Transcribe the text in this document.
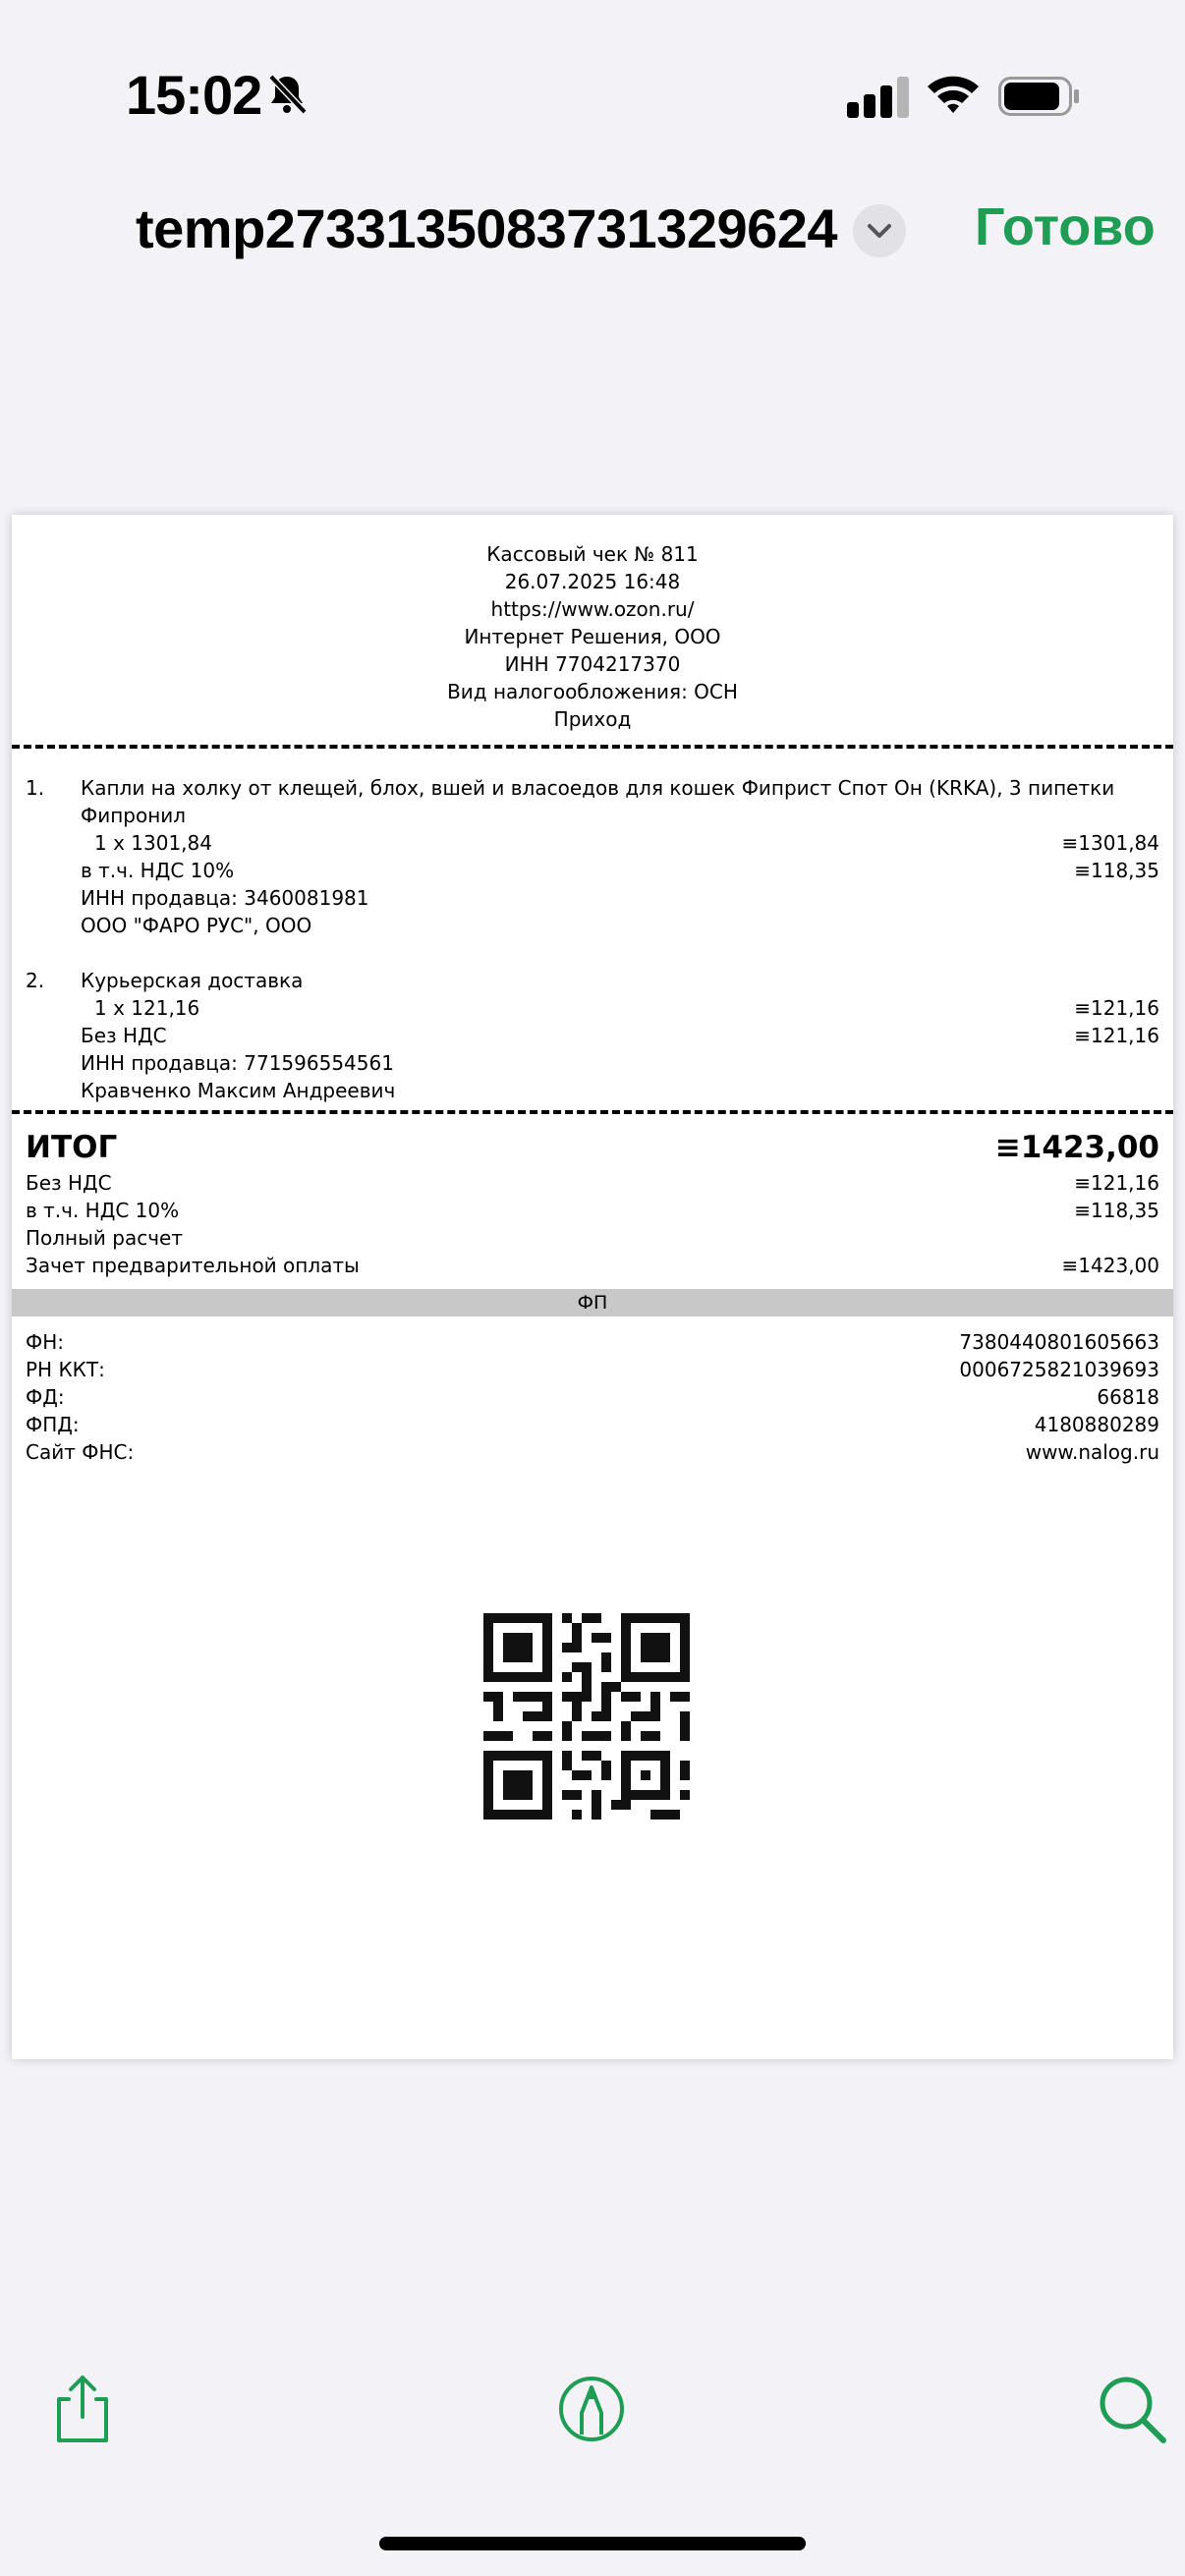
15:02
temp2733135083731329624	Готово
Кассовый чек № 811
26.07.2025 16:48
https://www.ozon.ru/
Интернет Решения, ООО
ИНН 7704217370
Вид налогообложения: ОСН
Приход
1.	Капли на холку от клещей, блох, вшей и власоедов для кошек Фиприст Спот Он (KRKA), 3 пипетки Фипронил
1 х 1301,84	≡1301,84
в т.ч. НДС 10%	≡118,35
ИНН продавца: 3460081981
ООО "ФАРО РУС", ООО
2.	Курьерская доставка
1 х 121,16	≡121,16
Без НДС	≡121,16
ИНН продавца: 771596554561
Кравченко Максим Андреевич
ИТОГ	≡1423,00
Без НДС	≡121,16
в т.ч. НДС 10%	≡118,35
Полный расчет
Зачет предварительной оплаты	≡1423,00
ФП
ФН:	7380440801605663
РН ККТ:	0006725821039693
ФД:	66818
ФПД:	4180880289
Сайт ФНС:	www.nalog.ru
